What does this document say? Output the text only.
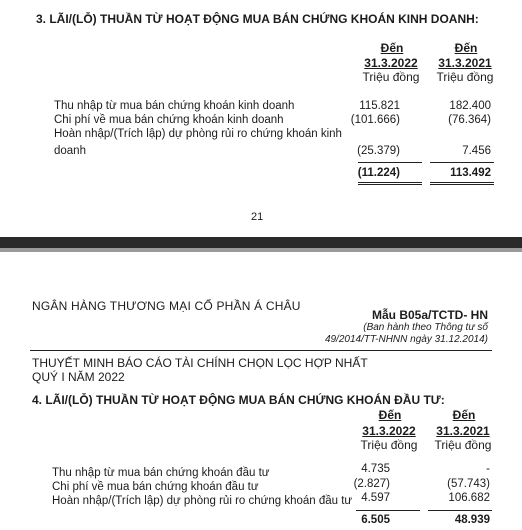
3. LÃI/(LỖ) THUẦN TỪ HOẠT ĐỘNG MUA BÁN CHỨNG KHOÁN KINH DOANH:
Đến
31.3.2022
Triệu đồng
Đến
31.3.2021
Triệu đồng
Thu nhập từ mua bán chứng khoán kinh doanh	115.821	182.400
Chi phí về mua bán chứng khoán kinh doanh	(101.666)	(76.364)
Hoàn nhập/(Trích lập) dự phòng rủi ro chứng khoán kinh
doanh	(25.379)	7.456
(11.224)	113.492
21
NGÂN HÀNG THƯƠNG MẠI CỔ PHẦN Á CHÂU
Mẫu B05a/TCTD- HN
(Ban hành theo Thông tư số
49/2014/TT-NHNN ngày 31.12.2014)
THUYẾT MINH BÁO CÁO TÀI CHÍNH CHỌN LỌC HỢP NHẤT
QUÝ I NĂM 2022
4. LÃI/(LỖ) THUẦN TỪ HOẠT ĐỘNG MUA BÁN CHỨNG KHOÁN ĐẦU TƯ:
Đến
31.3.2022
Triệu đồng
Đến
31.3.2021
Triệu đồng
Thu nhập từ mua bán chứng khoán đầu tư	4.735	-
Chi phí về mua bán chứng khoán đầu tư	(2.827)	(57.743)
Hoàn nhập/(Trích lập) dự phòng rủi ro chứng khoán đầu tư 4.597	106.682
6.505	48.939
